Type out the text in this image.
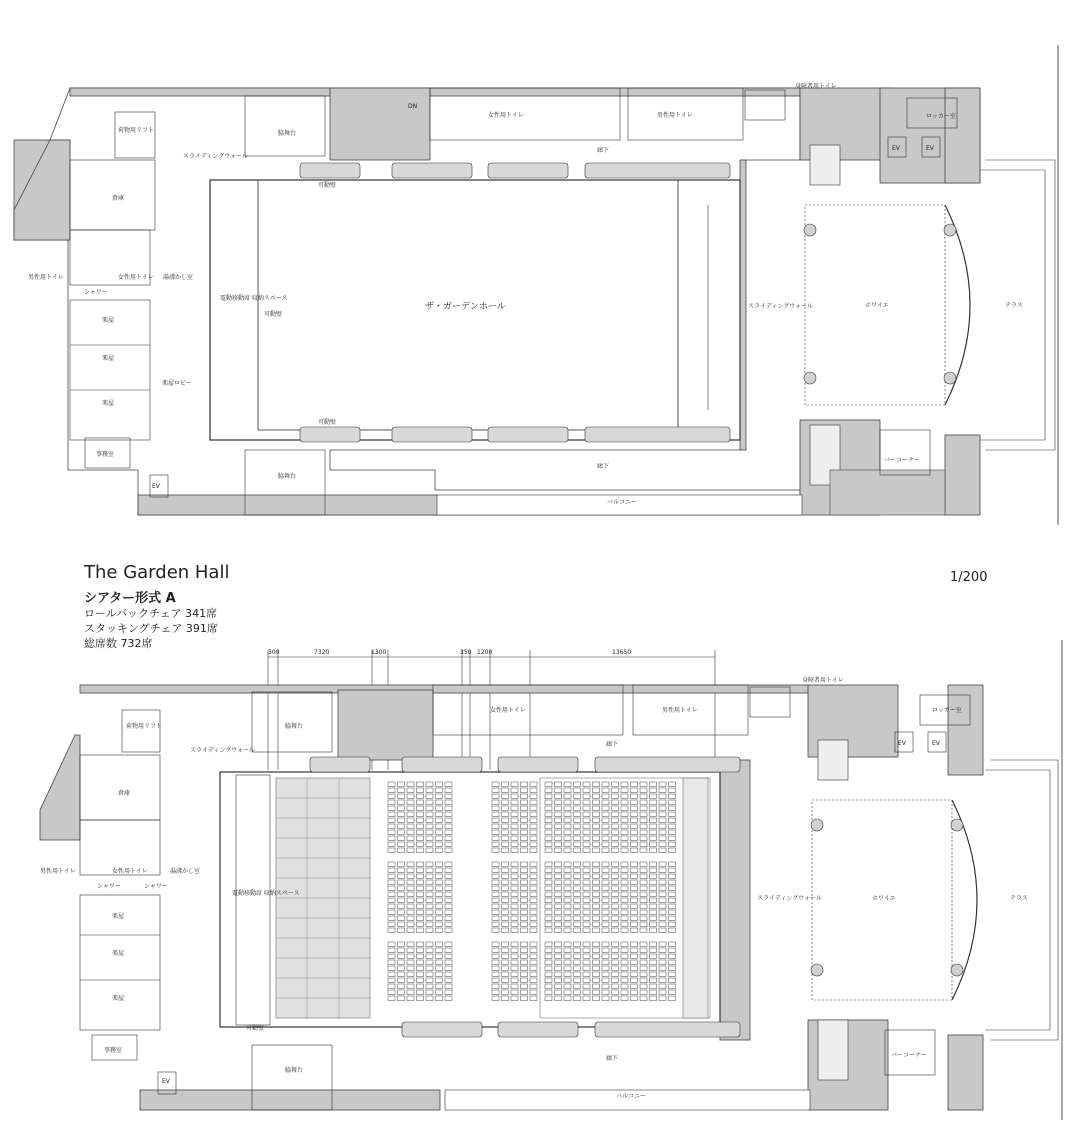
荷物用リフト
倉庫
男性用トイレ	女性用トイレ 湯沸かし室
シャワー
楽屋
楽屋
楽屋
楽屋ロビー
事務室
EV
脇舞台
脇舞台
スライディングウォール
可動壁
可動壁
可動壁
電動移動席 収納スペース
ザ・ガーデンホール
廊下
廊下
バルコニー
女性用トイレ	男性用トイレ
身障者用トイレ
スライディングウォール	ホワイエ	テラス
ロッカー室
EV	EV
バーコーナー
DN
The Garden Hall
シアター形式 A
ロールバックチェア 341席
スタッキングチェア 391席
総席数 732席
1/200
300	7320	1300	350 1200	13650
荷物用リフト
倉庫
男性用トイレ	女性用トイレ	湯沸かし室
シャワー	シャワー
楽屋
楽屋
楽屋
事務室
EV
脇舞台
脇舞台
スライディングウォール
可動壁
電動移動席 収納スペース
廊下
廊下
バルコニー
女性用トイレ	男性用トイレ
身障者用トイレ
スライディングウォール	ホワイエ	テラス
ロッカー室
EV	EV
バーコーナー
